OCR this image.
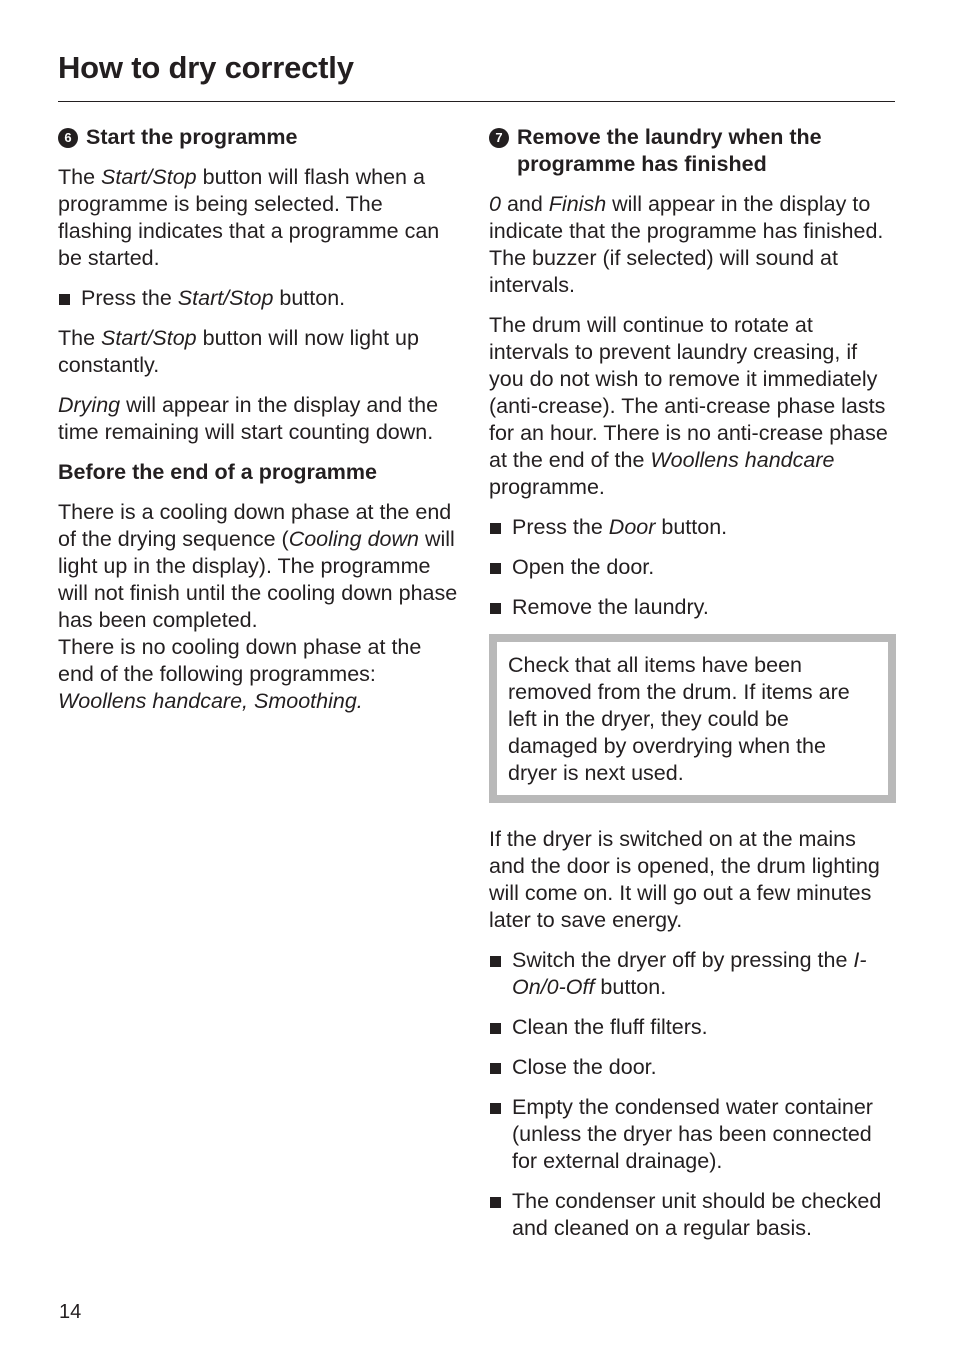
How to dry correctly
6 Start the programme

The Start/Stop button will flash when a programme is being selected. The flashing indicates that a programme can be started.

Press the Start/Stop button.

The Start/Stop button will now light up constantly.

Drying will appear in the display and the time remaining will start counting down.

Before the end of a programme

There is a cooling down phase at the end of the drying sequence (Cooling down will light up in the display). The programme will not finish until the cooling down phase has been completed.

There is no cooling down phase at the end of the following programmes: Woollens handcare, Smoothing.

7 Remove the laundry when the programme has finished

0 and Finish will appear in the display to indicate that the programme has finished. The buzzer (if selected) will sound at intervals.

The drum will continue to rotate at intervals to prevent laundry creasing, if you do not wish to remove it immediately (anti-crease). The anti-crease phase lasts for an hour. There is no anti-crease phase at the end of the Woollens handcare programme.

Press the Door button.
Open the door.
Remove the laundry.
Check that all items have been removed from the drum. If items are left in the dryer, they could be damaged by overdrying when the dryer is next used.

If the dryer is switched on at the mains and the door is opened, the drum lighting will come on. It will go out a few minutes later to save energy.

Switch the dryer off by pressing the I-On/0-Off button.
Clean the fluff filters.
Close the door.
Empty the condensed water container (unless the dryer has been connected for external drainage).
The condenser unit should be checked and cleaned on a regular basis.
14
